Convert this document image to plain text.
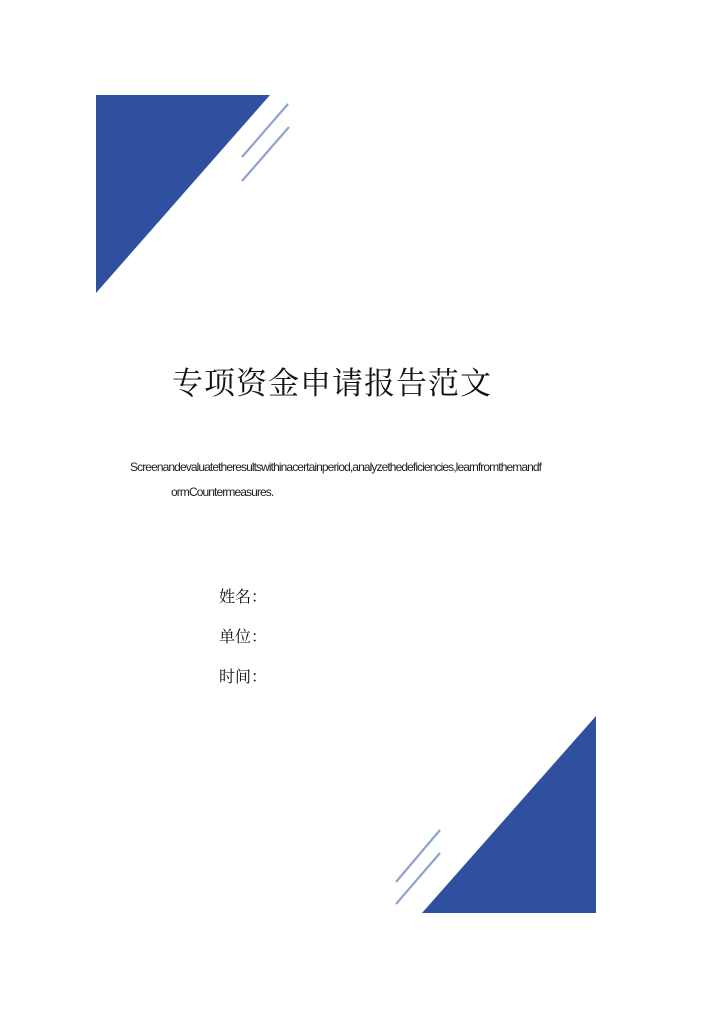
专项资金申请报告范文
Screenandevaluatetheresultswithinacertainperiod,analyzethedeficiencies,learnfromthemandf
ormCountermeasures.
姓名：
单位：
时间：
